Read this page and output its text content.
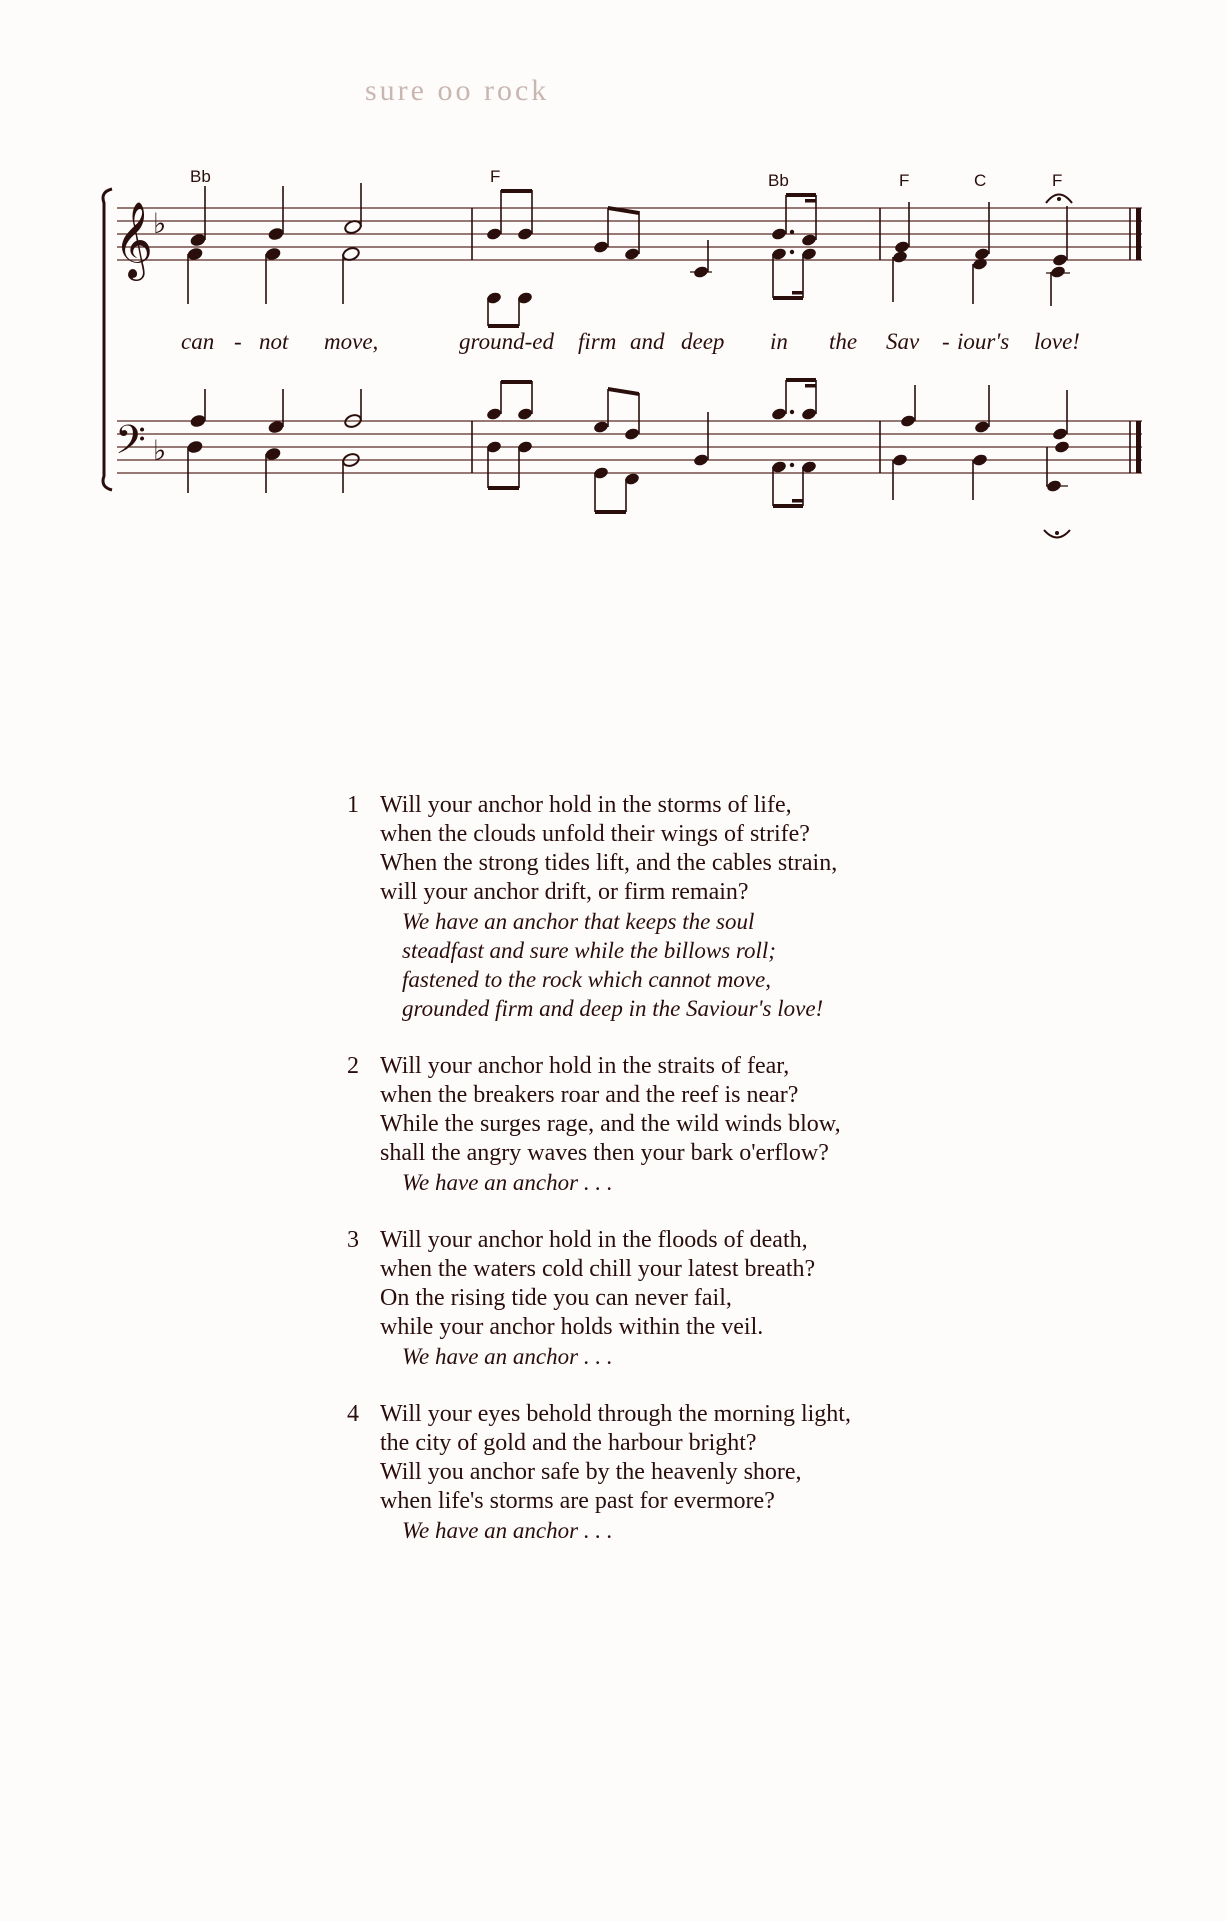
sure oo rock
𝄞
𝄢
♭
♭
Bb	F	Bb	F	C	F
can - not move,	ground-ed firm and deep in the Sav - iour's love!
1 Will your anchor hold in the storms of life,
when the clouds unfold their wings of strife?
When the strong tides lift, and the cables strain,
will your anchor drift, or firm remain?
We have an anchor that keeps the soul
steadfast and sure while the billows roll;
fastened to the rock which cannot move,
grounded firm and deep in the Saviour's love!
2 Will your anchor hold in the straits of fear,
when the breakers roar and the reef is near?
While the surges rage, and the wild winds blow,
shall the angry waves then your bark o'erflow?
We have an anchor . . .
3 Will your anchor hold in the floods of death,
when the waters cold chill your latest breath?
On the rising tide you can never fail,
while your anchor holds within the veil.
We have an anchor . . .
4 Will your eyes behold through the morning light,
the city of gold and the harbour bright?
Will you anchor safe by the heavenly shore,
when life's storms are past for evermore?
We have an anchor . . .
